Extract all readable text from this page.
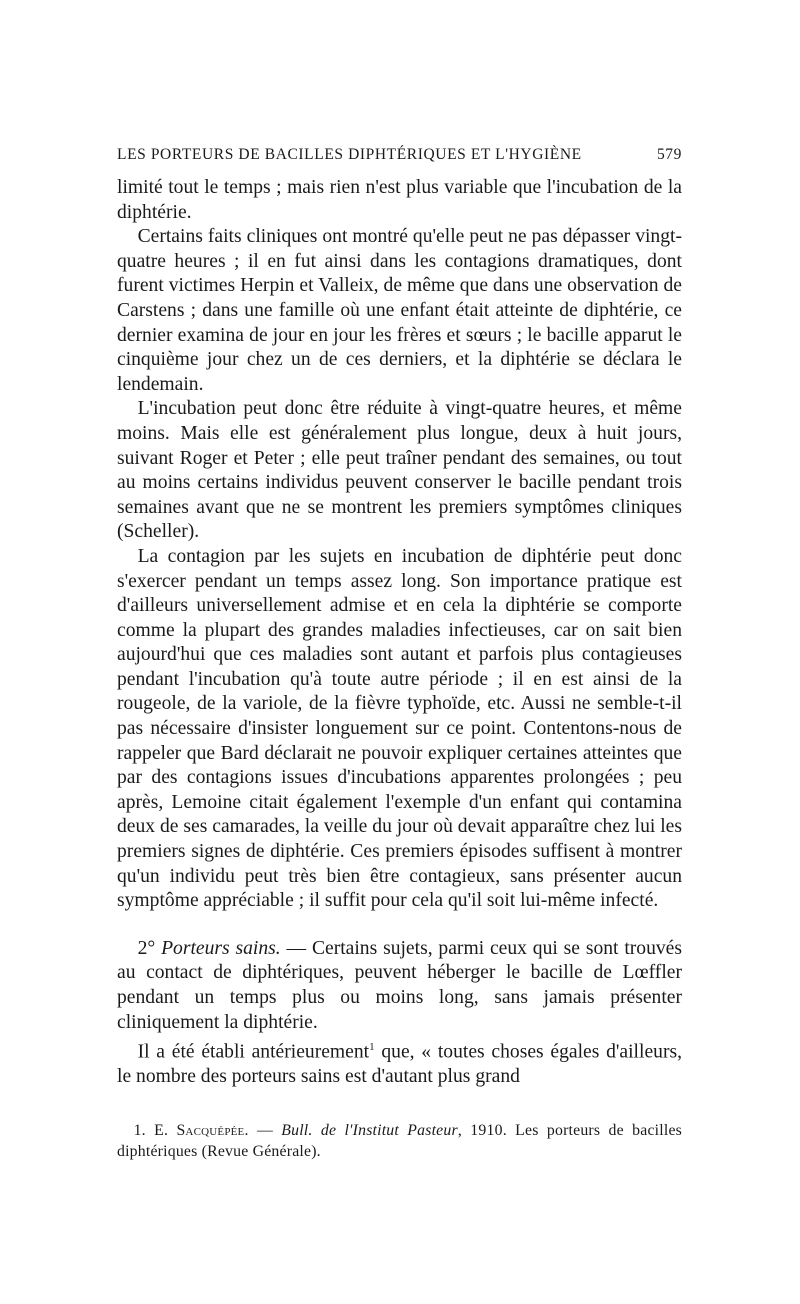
LES PORTEURS DE BACILLES DIPHTÉRIQUES ET L'HYGIÈNE	579

limité tout le temps ; mais rien n'est plus variable que l'incubation de la diphtérie.

Certains faits cliniques ont montré qu'elle peut ne pas dépasser vingt-quatre heures ; il en fut ainsi dans les contagions dramatiques, dont furent victimes Herpin et Valleix, de même que dans une observation de Carstens ; dans une famille où une enfant était atteinte de diphtérie, ce dernier examina de jour en jour les frères et sœurs ; le bacille apparut le cinquième jour chez un de ces derniers, et la diphtérie se déclara le lendemain.

L'incubation peut donc être réduite à vingt-quatre heures, et même moins. Mais elle est généralement plus longue, deux à huit jours, suivant Roger et Peter ; elle peut traîner pendant des semaines, ou tout au moins certains individus peuvent conserver le bacille pendant trois semaines avant que ne se montrent les premiers symptômes cliniques (Scheller).

La contagion par les sujets en incubation de diphtérie peut donc s'exercer pendant un temps assez long. Son importance pratique est d'ailleurs universellement admise et en cela la diphtérie se comporte comme la plupart des grandes maladies infectieuses, car on sait bien aujourd'hui que ces maladies sont autant et parfois plus contagieuses pendant l'incubation qu'à toute autre période ; il en est ainsi de la rougeole, de la variole, de la fièvre typhoïde, etc. Aussi ne semble-t-il pas nécessaire d'insister longuement sur ce point. Contentons-nous de rappeler que Bard déclarait ne pouvoir expliquer certaines atteintes que par des contagions issues d'incubations apparentes prolongées ; peu après, Lemoine citait également l'exemple d'un enfant qui contamina deux de ses camarades, la veille du jour où devait apparaître chez lui les premiers signes de diphtérie. Ces premiers épisodes suffisent à montrer qu'un individu peut très bien être contagieux, sans présenter aucun symptôme appréciable ; il suffit pour cela qu'il soit lui-même infecté.

2° Porteurs sains. — Certains sujets, parmi ceux qui se sont trouvés au contact de diphtériques, peuvent héberger le bacille de Lœffler pendant un temps plus ou moins long, sans jamais présenter cliniquement la diphtérie.

Il a été établi antérieurement$^1$ que, « toutes choses égales d'ailleurs, le nombre des porteurs sains est d'autant plus grand

1. E. Sacquépée. — Bull. de l'Institut Pasteur, 1910. Les porteurs de bacilles diphtériques (Revue Générale).
